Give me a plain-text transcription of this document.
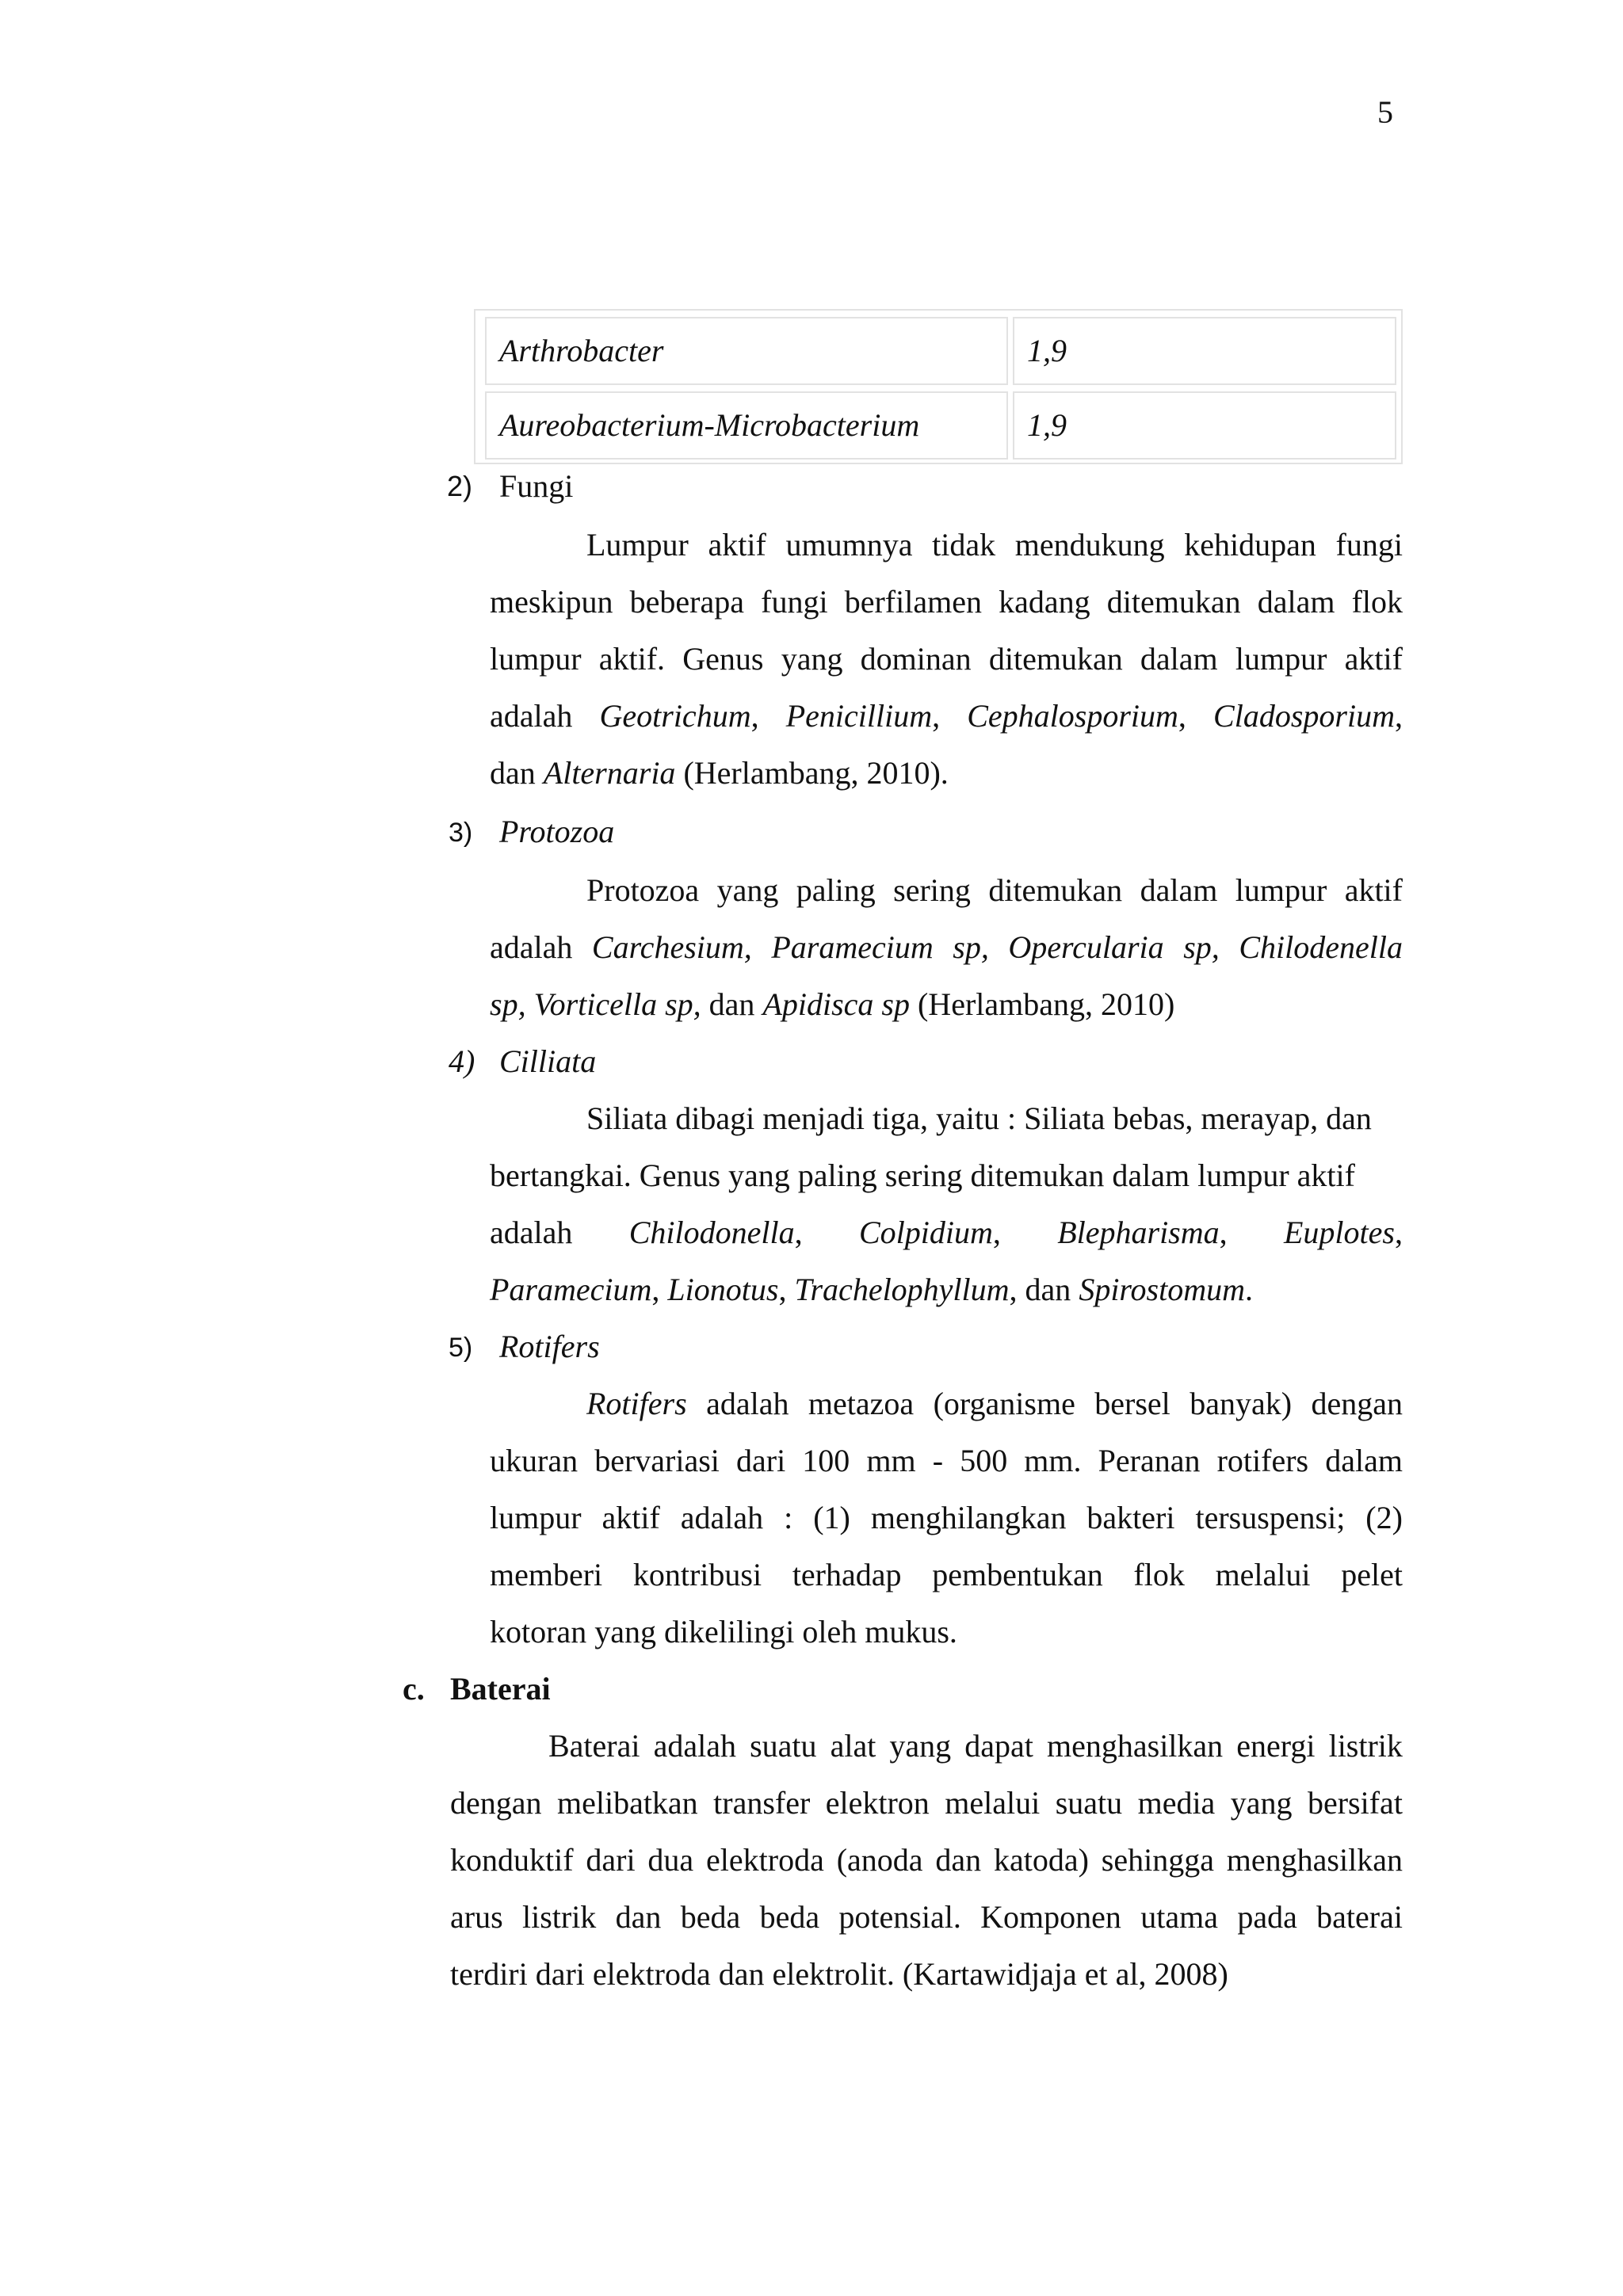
5
Arthrobacter	1,9
Aureobacterium-Microbacterium	1,9
2) Fungi
Lumpur aktif umumnya tidak mendukung kehidupan fungi
meskipun beberapa fungi berfilamen kadang ditemukan dalam flok
lumpur aktif. Genus yang dominan ditemukan dalam lumpur aktif
adalah Geotrichum, Penicillium, Cephalosporium, Cladosporium,
dan Alternaria (Herlambang, 2010).
3) Protozoa
Protozoa yang paling sering ditemukan dalam lumpur aktif
adalah Carchesium, Paramecium sp, Opercularia sp, Chilodenella
sp, Vorticella sp, dan Apidisca sp (Herlambang, 2010)
4) Cilliata
Siliata dibagi menjadi tiga, yaitu : Siliata bebas, merayap, dan
bertangkai. Genus yang paling sering ditemukan dalam lumpur aktif
adalah Chilodonella, Colpidium, Blepharisma, Euplotes,
Paramecium, Lionotus, Trachelophyllum, dan Spirostomum.
5) Rotifers
Rotifers adalah metazoa (organisme bersel banyak) dengan
ukuran bervariasi dari 100 mm - 500 mm. Peranan rotifers dalam
lumpur aktif adalah : (1) menghilangkan bakteri tersuspensi; (2)
memberi kontribusi terhadap pembentukan flok melalui pelet
kotoran yang dikelilingi oleh mukus.
c. Baterai
Baterai adalah suatu alat yang dapat menghasilkan energi listrik
dengan melibatkan transfer elektron melalui suatu media yang bersifat
konduktif dari dua elektroda (anoda dan katoda) sehingga menghasilkan
arus listrik dan beda beda potensial. Komponen utama pada baterai
terdiri dari elektroda dan elektrolit. (Kartawidjaja et al, 2008)
